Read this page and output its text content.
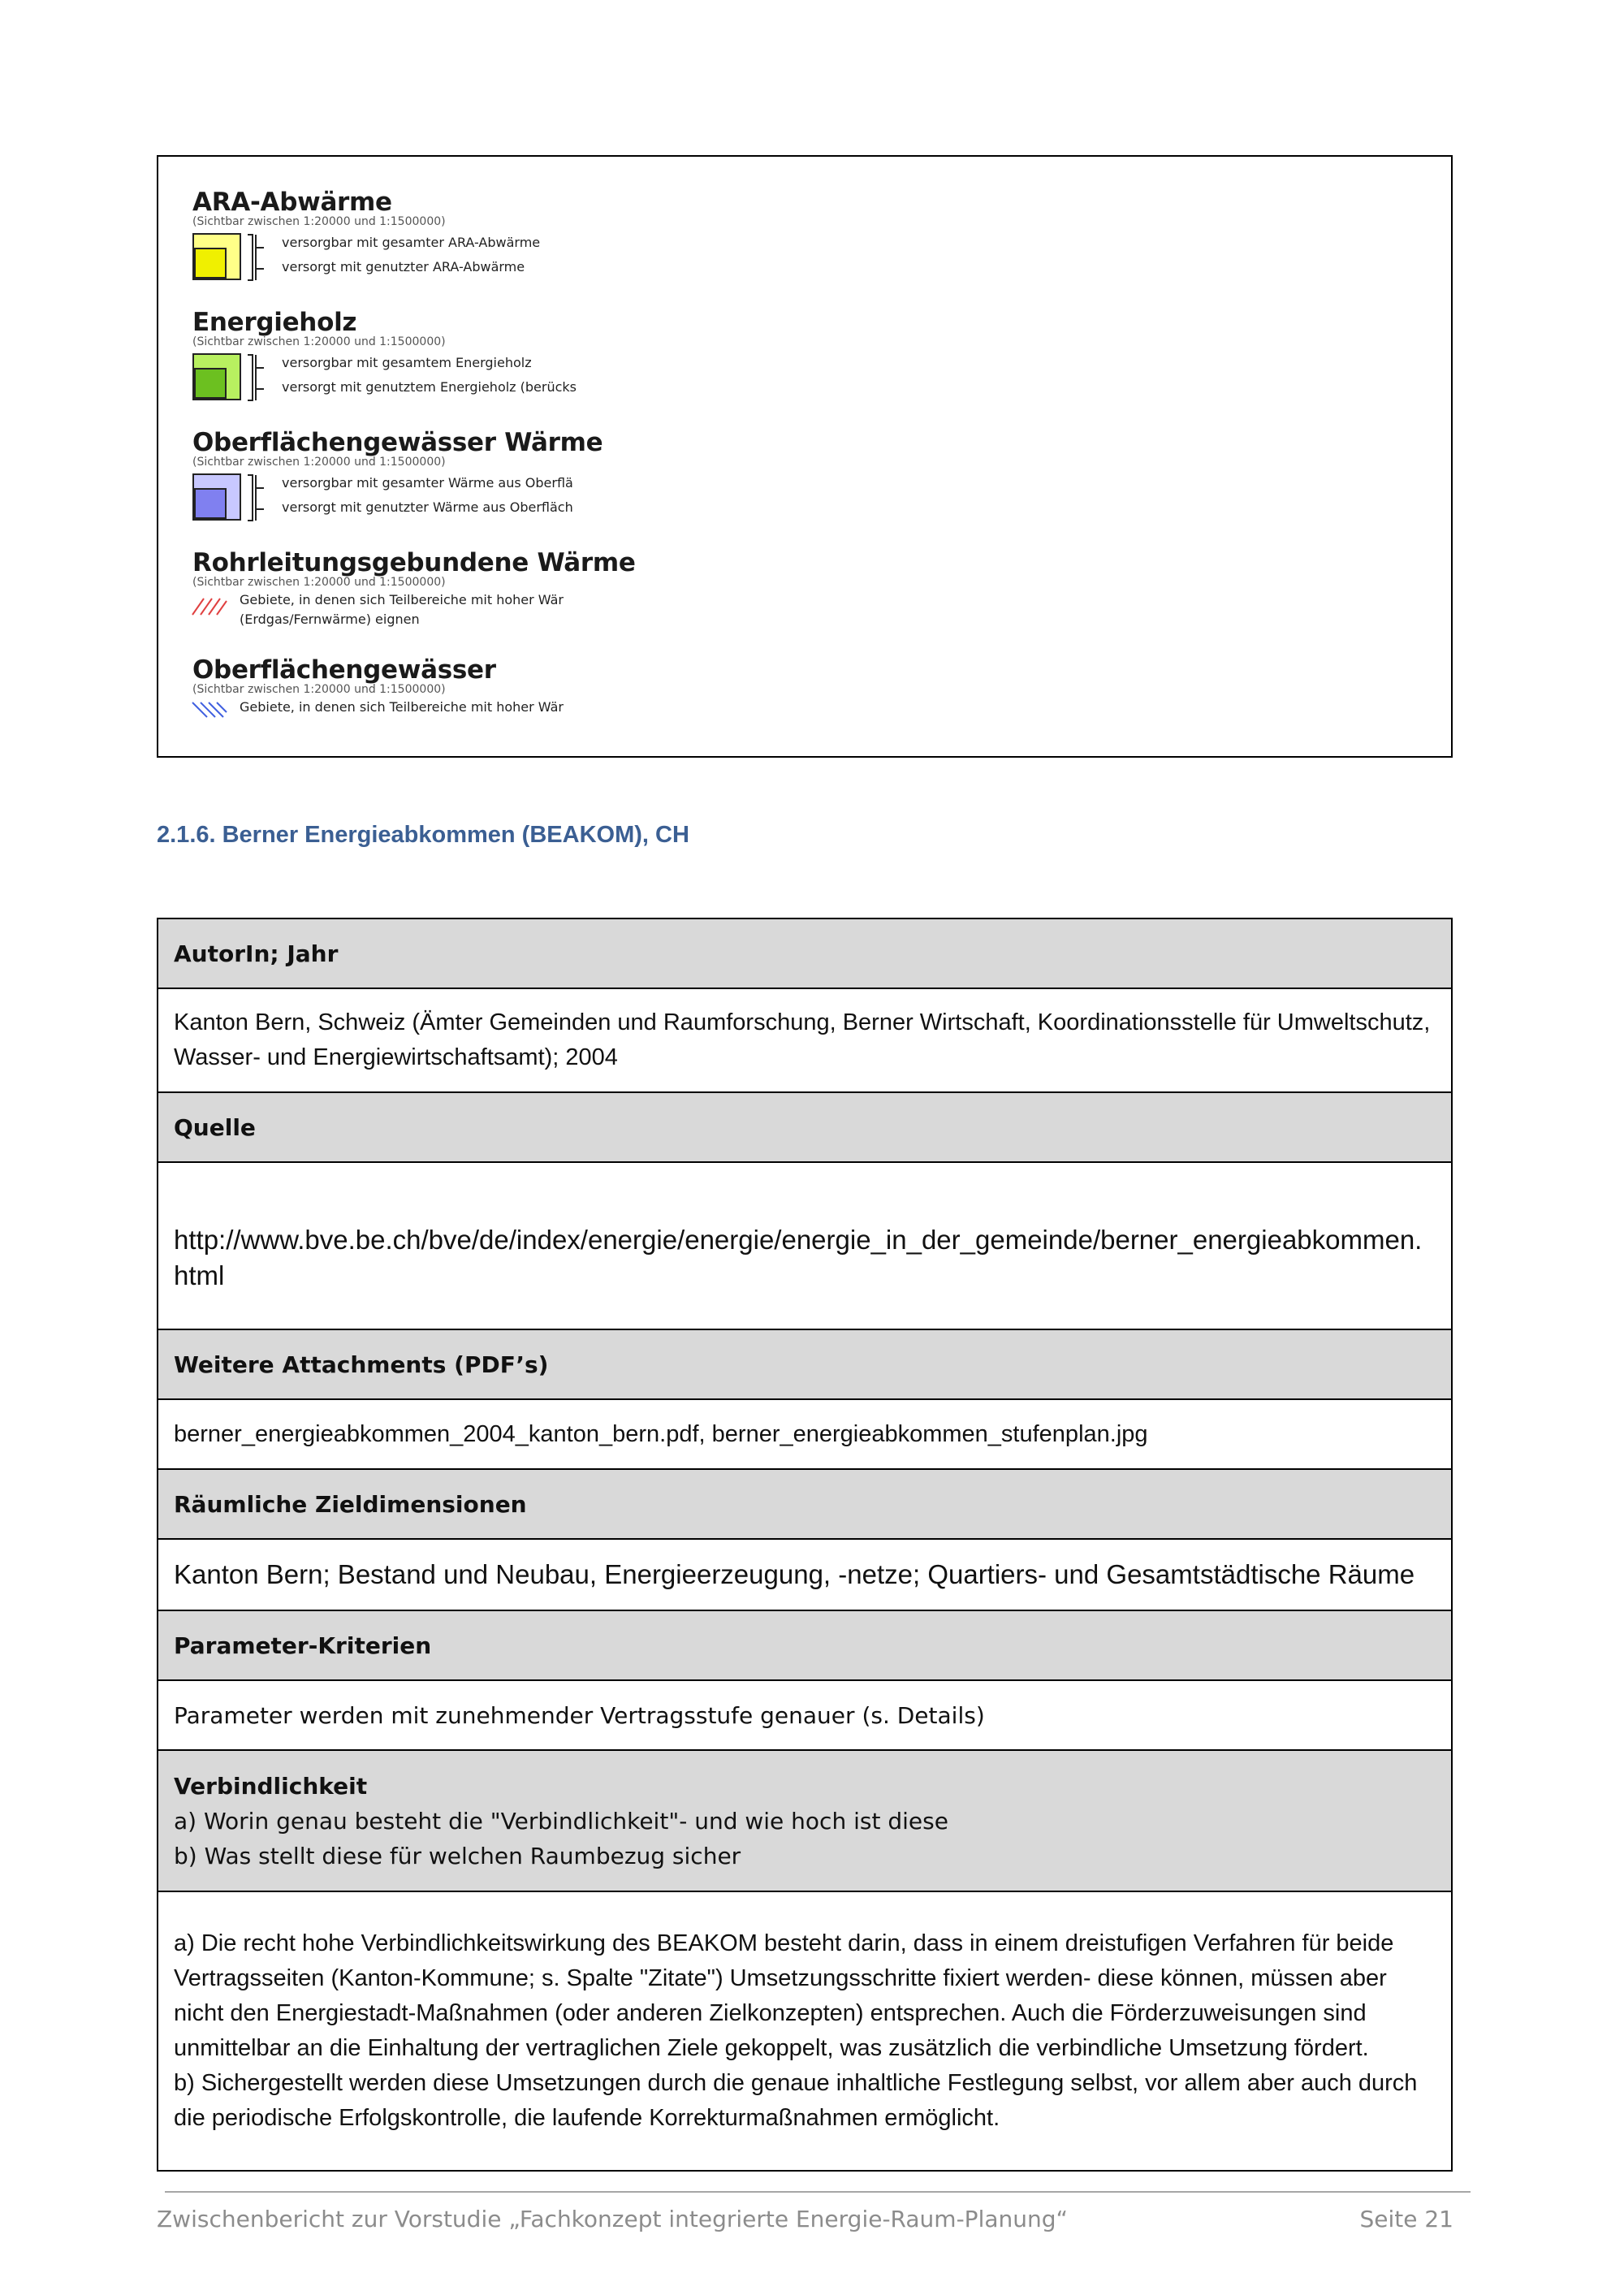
ARA-Abwärme
(Sichtbar zwischen 1:20000 und 1:1500000)
versorgbar mit gesamter ARA-Abwärme
versorgt mit genutzter ARA-Abwärme
Energieholz
(Sichtbar zwischen 1:20000 und 1:1500000)
versorgbar mit gesamtem Energieholz
versorgt mit genutztem Energieholz (berücks
Oberflächengewässer Wärme
(Sichtbar zwischen 1:20000 und 1:1500000)
versorgbar mit gesamter Wärme aus Oberflä
versorgt mit genutzter Wärme aus Oberfläch
Rohrleitungsgebundene Wärme
(Sichtbar zwischen 1:20000 und 1:1500000)
Gebiete, in denen sich Teilbereiche mit hoher Wär
(Erdgas/Fernwärme) eignen
Oberflächengewässer
(Sichtbar zwischen 1:20000 und 1:1500000)
Gebiete, in denen sich Teilbereiche mit hoher Wär
2.1.6. Berner Energieabkommen (BEAKOM), CH
AutorIn; Jahr
Kanton Bern, Schweiz (Ämter Gemeinden und Raumforschung, Berner Wirtschaft, Koordinationsstelle für Umweltschutz, Wasser- und Energiewirtschaftsamt); 2004
Quelle
http://www.bve.be.ch/bve/de/index/energie/energie/energie_in_der_gemeinde/berner_energieabkommen.html
Weitere Attachments (PDF’s)
berner_energieabkommen_2004_kanton_bern.pdf, berner_energieabkommen_stufenplan.jpg
Räumliche Zieldimensionen
Kanton Bern; Bestand und Neubau, Energieerzeugung, -netze; Quartiers- und Gesamtstädtische Räume
Parameter-Kriterien
Parameter werden mit zunehmender Vertragsstufe genauer (s. Details)

Verbindlichkeit
a) Worin genau besteht die "Verbindlichkeit"- und wie hoch ist diese
b) Was stellt diese für welchen Raumbezug sicher

a) Die recht hohe Verbindlichkeitswirkung des BEAKOM besteht darin, dass in einem dreistufigen Verfahren für beide Vertragsseiten (Kanton-Kommune; s. Spalte "Zitate") Umsetzungsschritte fixiert werden- diese können, müssen aber nicht den Energiestadt-Maßnahmen (oder anderen Zielkonzepten) entsprechen. Auch die Förderzuweisungen sind unmittelbar an die Einhaltung der vertraglichen Ziele gekoppelt, was zusätzlich die verbindliche Umsetzung fördert.
b) Sichergestellt werden diese Umsetzungen durch die genaue inhaltliche Festlegung selbst, vor allem aber auch durch die periodische Erfolgskontrolle, die laufende Korrekturmaßnahmen ermöglicht.
Zwischenbericht zur Vorstudie „Fachkonzept integrierte Energie-Raum-Planung“	Seite 21
